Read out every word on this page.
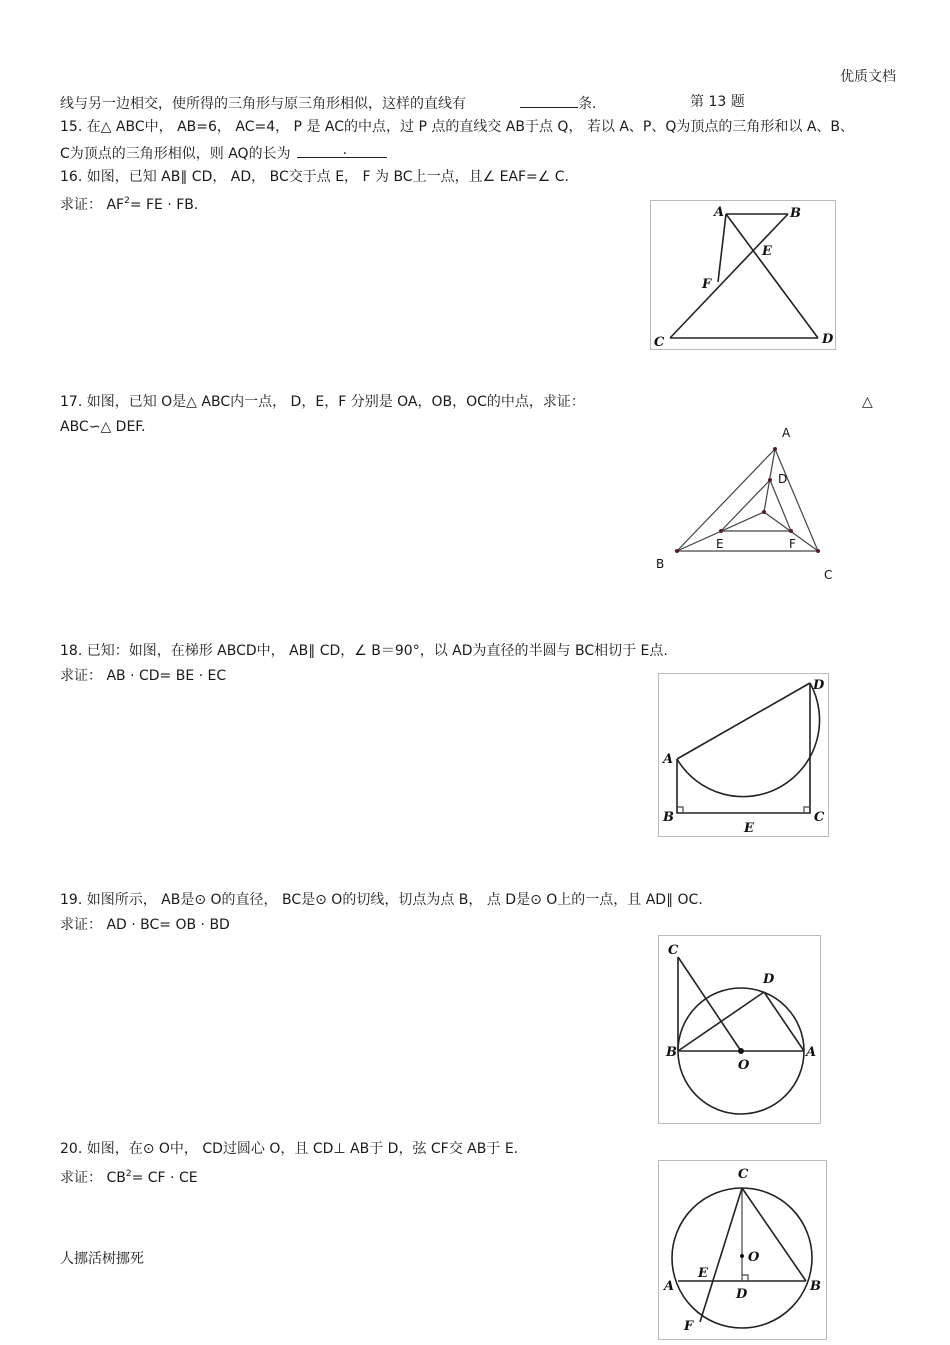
优质文档
线与另一边相交，使所得的三角形与原三角形相似，这样的直线有	条．	第 13 题
15. 在△ ABC中， AB=6， AC=4， P 是 AC的中点，过 P 点的直线交 AB于点 Q， 若以 A、P、Q为顶点的三角形和以 A、B、
C为顶点的三角形相似，则 AQ的长为	.
16. 如图，已知 AB∥ CD， AD， BC交于点 E， F 为 BC上一点，且∠ EAF=∠ C.
求证： $AF^2=$ FE · FB.	A	B
C	D
E
F
17. 如图，已知 O是△ ABC内一点， D，E，F 分别是 OA，OB，OC的中点，求证：	△
ABC∽△ DEF.	A
D
E	F
B
C
18. 已知：如图，在梯形 ABCD中， AB∥ CD，∠ B＝90°，以 AD为直径的半圆与 BC相切于 E点.
求证： AB · CD= BE · EC
A
B	C
D
E
19. 如图所示， AB是⊙ O的直径， BC是⊙ O的切线，切点为点 B， 点 D是⊙ O上的一点，且 AD∥ OC.
求证： AD · BC= OB · BD
C
D
B	A
O
20. 如图，在⊙ O中， CD过圆心 O，且 CD⊥ AB于 D，弦 CF交 AB于 E.
求证： $CB^2=$ CF · CE	C
O
E
A	B
D
F
人挪活树挪死
